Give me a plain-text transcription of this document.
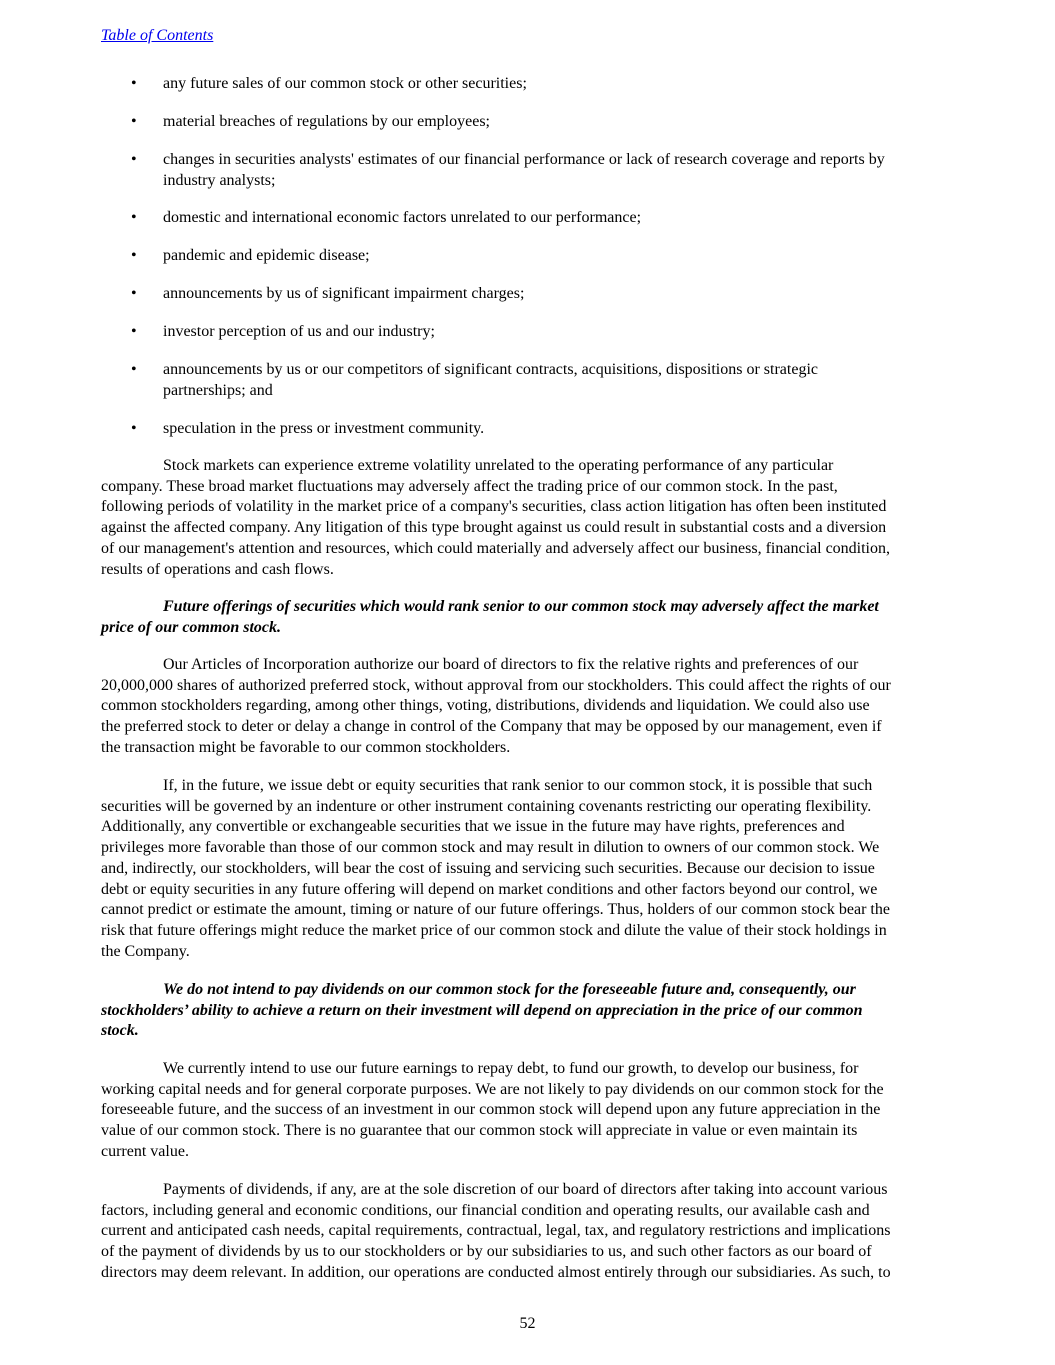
Table of Contents
• any future sales of our common stock or other securities;
• material breaches of regulations by our employees;
• changes in securities analysts' estimates of our financial performance or lack of research coverage and reports by
industry analysts;
• domestic and international economic factors unrelated to our performance;
• pandemic and epidemic disease;
• announcements by us of significant impairment charges;
• investor perception of us and our industry;
• announcements by us or our competitors of significant contracts, acquisitions, dispositions or strategic
partnerships; and
• speculation in the press or investment community.
Stock markets can experience extreme volatility unrelated to the operating performance of any particular
company. These broad market fluctuations may adversely affect the trading price of our common stock. In the past,
following periods of volatility in the market price of a company's securities, class action litigation has often been instituted
against the affected company. Any litigation of this type brought against us could result in substantial costs and a diversion
of our management's attention and resources, which could materially and adversely affect our business, financial condition,
results of operations and cash flows.
Future offerings of securities which would rank senior to our common stock may adversely affect the market
price of our common stock.
Our Articles of Incorporation authorize our board of directors to fix the relative rights and preferences of our
20,000,000 shares of authorized preferred stock, without approval from our stockholders. This could affect the rights of our
common stockholders regarding, among other things, voting, distributions, dividends and liquidation. We could also use
the preferred stock to deter or delay a change in control of the Company that may be opposed by our management, even if
the transaction might be favorable to our common stockholders.
If, in the future, we issue debt or equity securities that rank senior to our common stock, it is possible that such
securities will be governed by an indenture or other instrument containing covenants restricting our operating flexibility.
Additionally, any convertible or exchangeable securities that we issue in the future may have rights, preferences and
privileges more favorable than those of our common stock and may result in dilution to owners of our common stock. We
and, indirectly, our stockholders, will bear the cost of issuing and servicing such securities. Because our decision to issue
debt or equity securities in any future offering will depend on market conditions and other factors beyond our control, we
cannot predict or estimate the amount, timing or nature of our future offerings. Thus, holders of our common stock bear the
risk that future offerings might reduce the market price of our common stock and dilute the value of their stock holdings in
the Company.
We do not intend to pay dividends on our common stock for the foreseeable future and, consequently, our
stockholders’ ability to achieve a return on their investment will depend on appreciation in the price of our common
stock.
We currently intend to use our future earnings to repay debt, to fund our growth, to develop our business, for
working capital needs and for general corporate purposes. We are not likely to pay dividends on our common stock for the
foreseeable future, and the success of an investment in our common stock will depend upon any future appreciation in the
value of our common stock. There is no guarantee that our common stock will appreciate in value or even maintain its
current value.
Payments of dividends, if any, are at the sole discretion of our board of directors after taking into account various
factors, including general and economic conditions, our financial condition and operating results, our available cash and
current and anticipated cash needs, capital requirements, contractual, legal, tax, and regulatory restrictions and implications
of the payment of dividends by us to our stockholders or by our subsidiaries to us, and such other factors as our board of
directors may deem relevant. In addition, our operations are conducted almost entirely through our subsidiaries. As such, to
52
